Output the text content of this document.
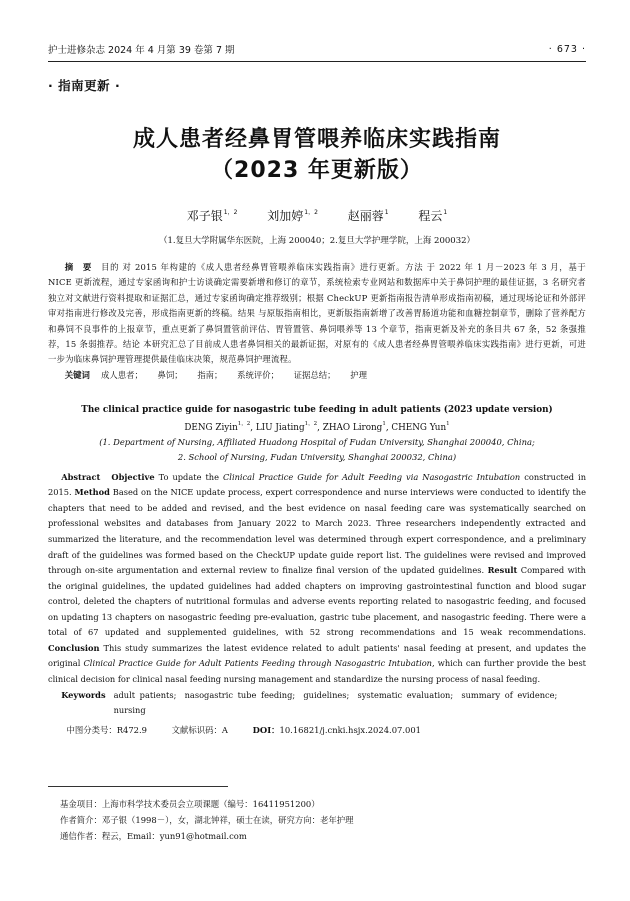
护士进修杂志 2024 年 4 月第 39 卷第 7 期	· 673 ·
· 指南更新 ·
成人患者经鼻胃管喂养临床实践指南
（2023 年更新版）
邓子银$^{1,2}$ 刘加婷$^{1,2}$ 赵丽蓉$^1$ 程云$^1$
（1.复旦大学附属华东医院，上海 200040；2.复旦大学护理学院，上海 200032）
摘　要　 目的 对 2015 年构建的《成人患者经鼻胃管喂养临床实践指南》进行更新。方法 于 2022 年 1 月－2023 年 3 月，基于 NICE 更新流程，通过专家函询和护士访谈确定需要新增和修订的章节，系统检索专业网站和数据库中关于鼻饲护理的最佳证据，3 名研究者独立对文献进行资料提取和证据汇总，通过专家函询确定推荐级别；根据 CheckUP 更新指南报告清单形成指南初稿，通过现场论证和外部评审对指南进行修改及完善，形成指南更新的终稿。结果 与原版指南相比，更新版指南新增了改善胃肠道功能和血糖控制章节，删除了营养配方和鼻饲不良事件的上报章节，重点更新了鼻饲置管前评估、胃管置管、鼻饲喂养等 13 个章节，指南更新及补充的条目共 67 条，52 条强推荐，15 条弱推荐。结论 本研究汇总了目前成人患者鼻饲相关的最新证据，对原有的《成人患者经鼻胃管喂养临床实践指南》进行更新，可进一步为临床鼻饲护理管理提供最佳临床决策，规范鼻饲护理流程。
关键词　 成人患者； 鼻饲； 指南； 系统评价； 证据总结； 护理
The clinical practice guide for nasogastric tube feeding in adult patients (2023 update version)
DENG Ziyin$^{1,2}$, LIU Jiating$^{1,2}$, ZHAO Lirong$^1$, CHENG Yun$^1$
(1. Department of Nursing, Affiliated Huadong Hospital of Fudan University, Shanghai 200040, China;
2. School of Nursing, Fudan University, Shanghai 200032, China)
Abstract　 Objective To update the Clinical Practice Guide for Adult Feeding via Nasogastric Intubation constructed in 2015. Method Based on the NICE update process, expert correspondence and nurse interviews were conducted to identify the chapters that need to be added and revised, and the best evidence on nasal feeding care was systematically searched on professional websites and databases from January 2022 to March 2023. Three researchers independently extracted and summarized the literature, and the recommendation level was determined through expert correspondence, and a preliminary draft of the guidelines was formed based on the CheckUP update guide report list. The guidelines were revised and improved through on-site argumentation and external review to finalize final version of the updated guidelines. Result Compared with the original guidelines, the updated guidelines had added chapters on improving gastrointestinal function and blood sugar control, deleted the chapters of nutritional formulas and adverse events reporting related to nasogastric feeding, and focused on updating 13 chapters on nasogastric feeding pre-evaluation, gastric tube placement, and nasogastric feeding. There were a total of 67 updated and supplemented guidelines, with 52 strong recommendations and 15 weak recommendations. Conclusion This study summarizes the latest evidence related to adult patients' nasal feeding at present, and updates the original Clinical Practice Guide for Adult Patients Feeding through Nasogastric Intubation, which can further provide the best clinical decision for clinical nasal feeding nursing management and standardize the nursing process of nasal feeding.
Keywords adult patients;　nasogastric tube feeding;　guidelines;　systematic evaluation;　summary of evidence;　nursing
中图分类号：R472.9	文献标识码：A	DOI：10.16821/j.cnki.hsjx.2024.07.001
基金项目：上海市科学技术委员会立项课题（编号：16411951200）
作者简介：邓子银（1998－），女，湖北钟祥，硕士在读，研究方向：老年护理
通信作者：程云，Email：yun91@hotmail.com
